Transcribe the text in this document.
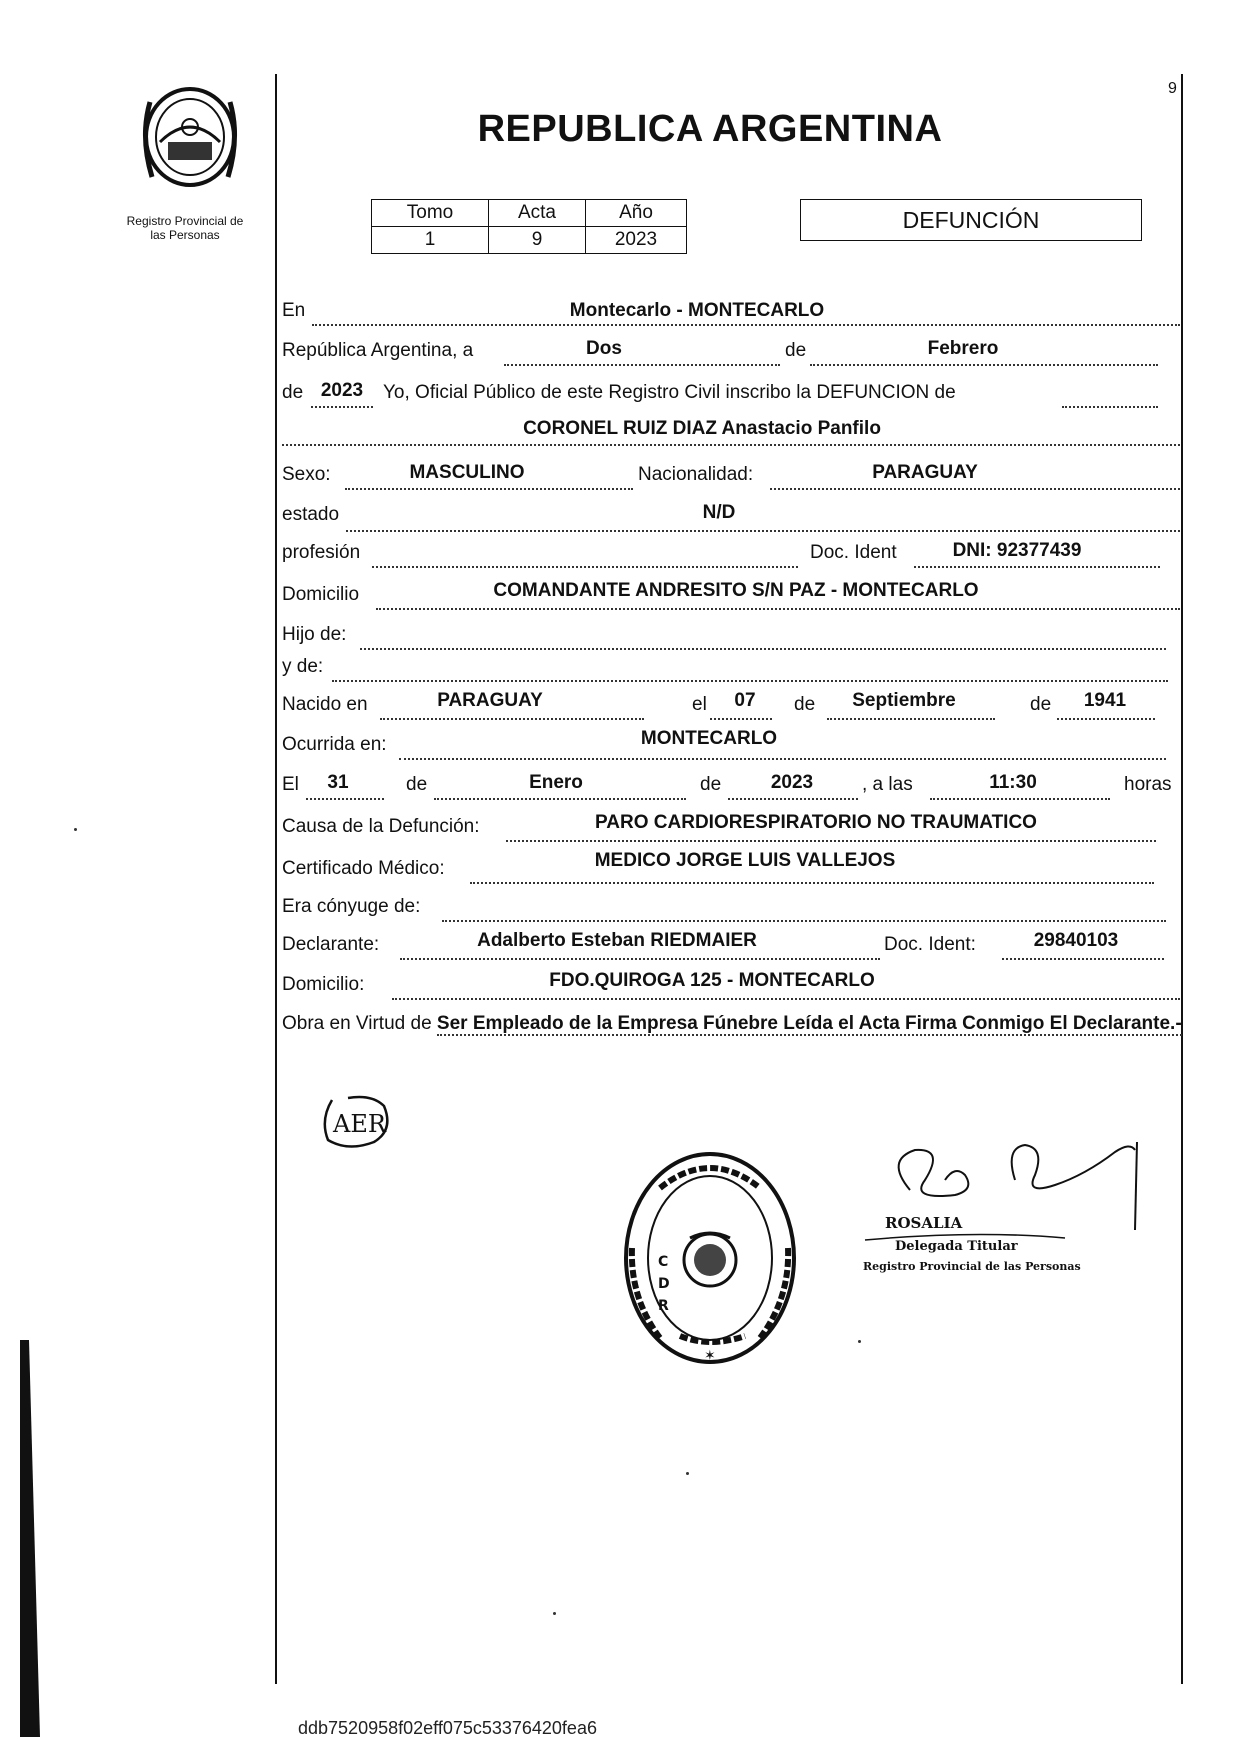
Registro Provincial de
las Personas
9
REPUBLICA ARGENTINA
Tomo	Acta	Año
1	9	2023
DEFUNCIÓN
En	Montecarlo - MONTECARLO
República Argentina, a	Dos	de	Febrero
de 2023	Yo, Oficial Público de este Registro Civil inscribo la DEFUNCION de
CORONEL RUIZ DIAZ Anastacio Panfilo
Sexo:	MASCULINO	Nacionalidad:	PARAGUAY
estado	N/D
profesión	Doc. Ident	DNI: 92377439
Domicilio	COMANDANTE ANDRESITO S/N PAZ - MONTECARLO
Hijo de:
y de:
Nacido en	PARAGUAY	el	07	de	Septiembre	de	1941
Ocurrida en:	MONTECARLO
El	31	de	Enero	de	2023	, a las	11:30	horas
Causa de la Defunción:	PARO CARDIORESPIRATORIO NO TRAUMATICO
Certificado Médico:	MEDICO JORGE LUIS VALLEJOS
Era cónyuge de:
Declarante:	Adalberto Esteban RIEDMAIER	Doc. Ident:	29840103
Domicilio:	FDO.QUIROGA 125 - MONTECARLO
Obra en Virtud de Ser Empleado de la Empresa Fúnebre Leída el Acta Firma Conmigo El Declarante.-
AER
C
D
R
✶
ROSALIA
Delegada Titular
Registro Provincial de las Personas
ddb7520958f02eff075c53376420fea6
